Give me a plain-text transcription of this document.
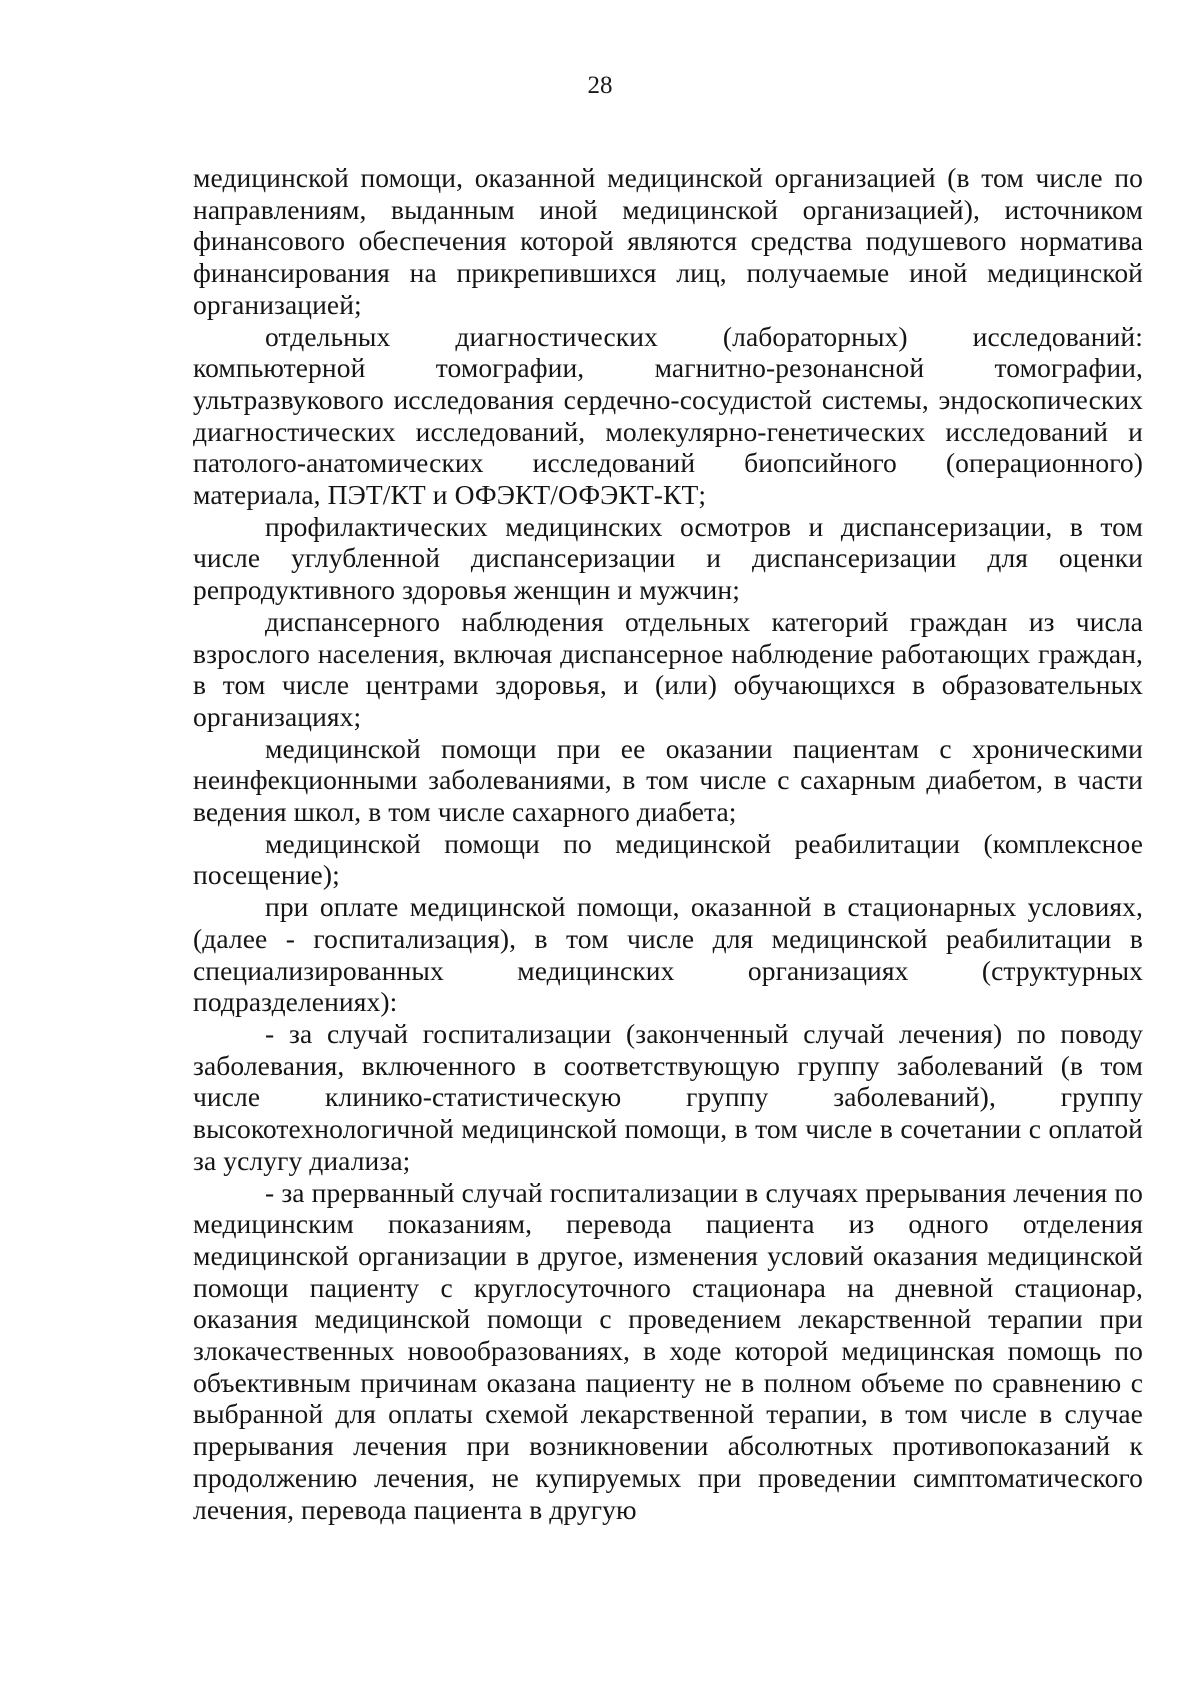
28

медицинской помощи, оказанной медицинской организацией (в том числе по направлениям, выданным иной медицинской организацией), источником финансового обеспечения которой являются средства подушевого норматива финансирования на прикрепившихся лиц, получаемые иной медицинской организацией;

отдельных диагностических (лабораторных) исследований: компьютерной томографии, магнитно-резонансной томографии, ультразвукового исследования сердечно-сосудистой системы, эндоскопических диагностических исследований, молекулярно-генетических исследований и патолого-анатомических исследований биопсийного (операционного) материала, ПЭТ/КТ и ОФЭКТ/ОФЭКТ-КТ;

профилактических медицинских осмотров и диспансеризации, в том числе углубленной диспансеризации и диспансеризации для оценки репродуктивного здоровья женщин и мужчин;

диспансерного наблюдения отдельных категорий граждан из числа взрослого населения, включая диспансерное наблюдение работающих граждан, в том числе центрами здоровья, и (или) обучающихся в образовательных организациях;

медицинской помощи при ее оказании пациентам с хроническими неинфекционными заболеваниями, в том числе с сахарным диабетом, в части ведения школ, в том числе сахарного диабета;

медицинской помощи по медицинской реабилитации (комплексное посещение);

при оплате медицинской помощи, оказанной в стационарных условиях, (далее - госпитализация), в том числе для медицинской реабилитации в специализированных медицинских организациях (структурных подразделениях):

- за случай госпитализации (законченный случай лечения) по поводу заболевания, включенного в соответствующую группу заболеваний (в том числе клинико-статистическую группу заболеваний), группу высокотехнологичной медицинской помощи, в том числе в сочетании с оплатой за услугу диализа;

- за прерванный случай госпитализации в случаях прерывания лечения по медицинским показаниям, перевода пациента из одного отделения медицинской организации в другое, изменения условий оказания медицинской помощи пациенту с круглосуточного стационара на дневной стационар, оказания медицинской помощи с проведением лекарственной терапии при злокачественных новообразованиях, в ходе которой медицинская помощь по объективным причинам оказана пациенту не в полном объеме по сравнению с выбранной для оплаты схемой лекарственной терапии, в том числе в случае прерывания лечения при возникновении абсолютных противопоказаний к продолжению лечения, не купируемых при проведении симптоматического лечения, перевода пациента в другую
